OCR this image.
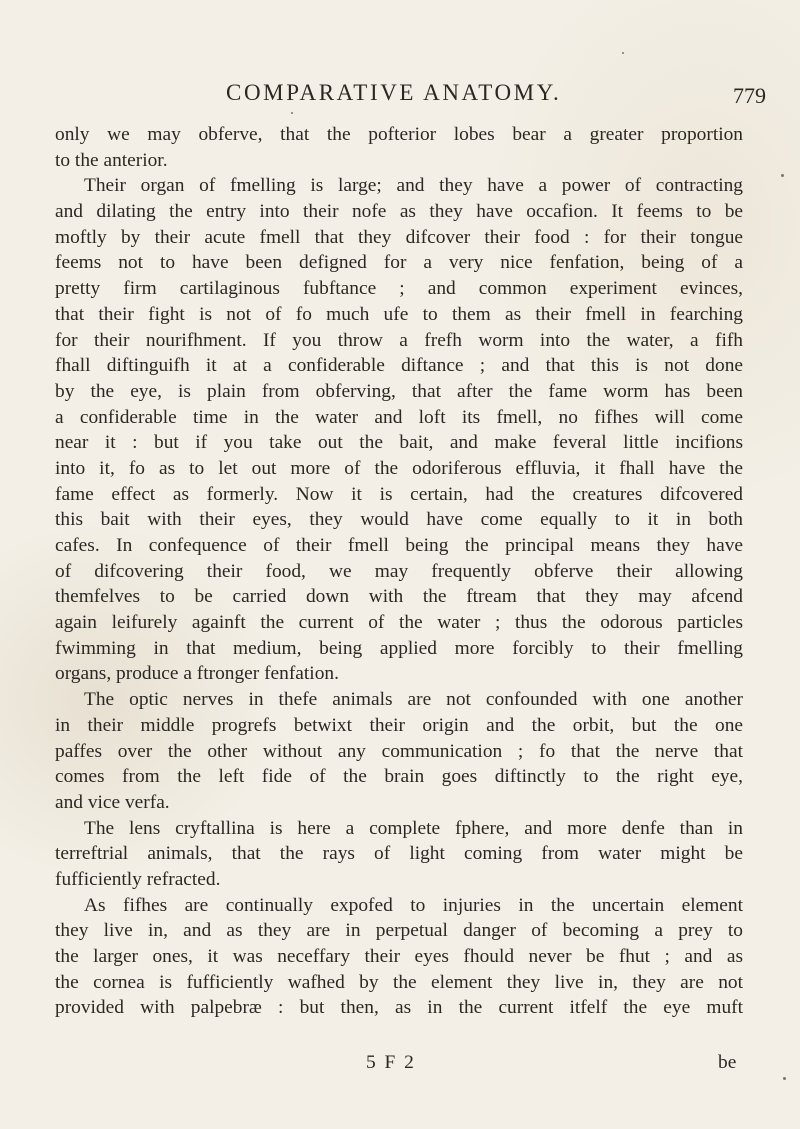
COMPARATIVE ANATOMY.	779
only we may obferve, that the pofterior lobes bear a greater proportion
to the anterior.
Their organ of fmelling is large; and they have a power of contracting
and dilating the entry into their nofe as they have occafion. It feems to be
moftly by their acute fmell that they difcover their food : for their tongue
feems not to have been defigned for a very nice fenfation, being of a
pretty firm cartilaginous fubftance ; and common experiment evinces,
that their fight is not of fo much ufe to them as their fmell in fearching
for their nourifhment. If you throw a frefh worm into the water, a fifh
fhall diftinguifh it at a confiderable diftance ; and that this is not done
by the eye, is plain from obferving, that after the fame worm has been
a confiderable time in the water and loft its fmell, no fifhes will come
near it : but if you take out the bait, and make feveral little incifions
into it, fo as to let out more of the odoriferous effluvia, it fhall have the
fame effect as formerly. Now it is certain, had the creatures difcovered
this bait with their eyes, they would have come equally to it in both
cafes. In confequence of their fmell being the principal means they have
of difcovering their food, we may frequently obferve their allowing
themfelves to be carried down with the ftream that they may afcend
again leifurely againft the current of the water ; thus the odorous particles
fwimming in that medium, being applied more forcibly to their fmelling
organs, produce a ftronger fenfation.
The optic nerves in thefe animals are not confounded with one another
in their middle progrefs betwixt their origin and the orbit, but the one
paffes over the other without any communication ; fo that the nerve that
comes from the left fide of the brain goes diftinctly to the right eye,
and vice verfa.
The lens cryftallina is here a complete fphere, and more denfe than in
terreftrial animals, that the rays of light coming from water might be
fufficiently refracted.
As fifhes are continually expofed to injuries in the uncertain element
they live in, and as they are in perpetual danger of becoming a prey to
the larger ones, it was neceffary their eyes fhould never be fhut ; and as
the cornea is fufficiently wafhed by the element they live in, they are not
provided with palpebræ : but then, as in the current itfelf the eye muft
5 F 2	be
